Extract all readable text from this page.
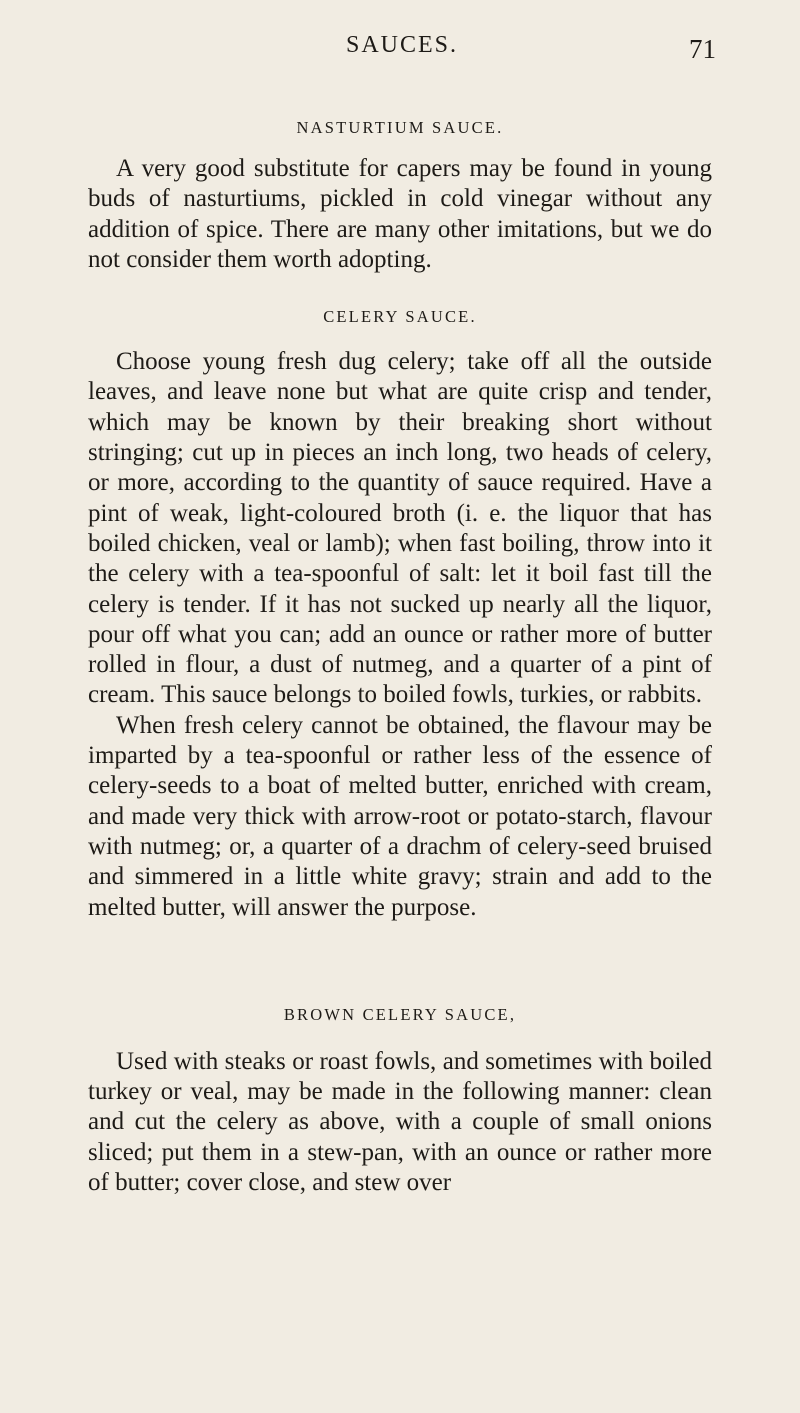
SAUCES.	71
NASTURTIUM SAUCE.

A very good substitute for capers may be found in young buds of nasturtiums, pickled in cold vinegar without any addition of spice. There are many other imitations, but we do not consider them worth adopting.

CELERY SAUCE.

Choose young fresh dug celery; take off all the outside leaves, and leave none but what are quite crisp and tender, which may be known by their breaking short without stringing; cut up in pieces an inch long, two heads of celery, or more, according to the quantity of sauce required. Have a pint of weak, light-coloured broth (i. e. the liquor that has boiled chicken, veal or lamb); when fast boiling, throw into it the celery with a tea-spoonful of salt: let it boil fast till the celery is tender. If it has not sucked up nearly all the liquor, pour off what you can; add an ounce or rather more of butter rolled in flour, a dust of nutmeg, and a quarter of a pint of cream. This sauce belongs to boiled fowls, turkies, or rabbits.

When fresh celery cannot be obtained, the flavour may be imparted by a tea-spoonful or rather less of the essence of celery-seeds to a boat of melted butter, enriched with cream, and made very thick with arrow-root or potato-starch, flavour with nutmeg; or, a quarter of a drachm of celery-seed bruised and simmered in a little white gravy; strain and add to the melted butter, will answer the purpose.

BROWN CELERY SAUCE,

Used with steaks or roast fowls, and sometimes with boiled turkey or veal, may be made in the following manner: clean and cut the celery as above, with a couple of small onions sliced; put them in a stew-pan, with an ounce or rather more of butter; cover close, and stew over
